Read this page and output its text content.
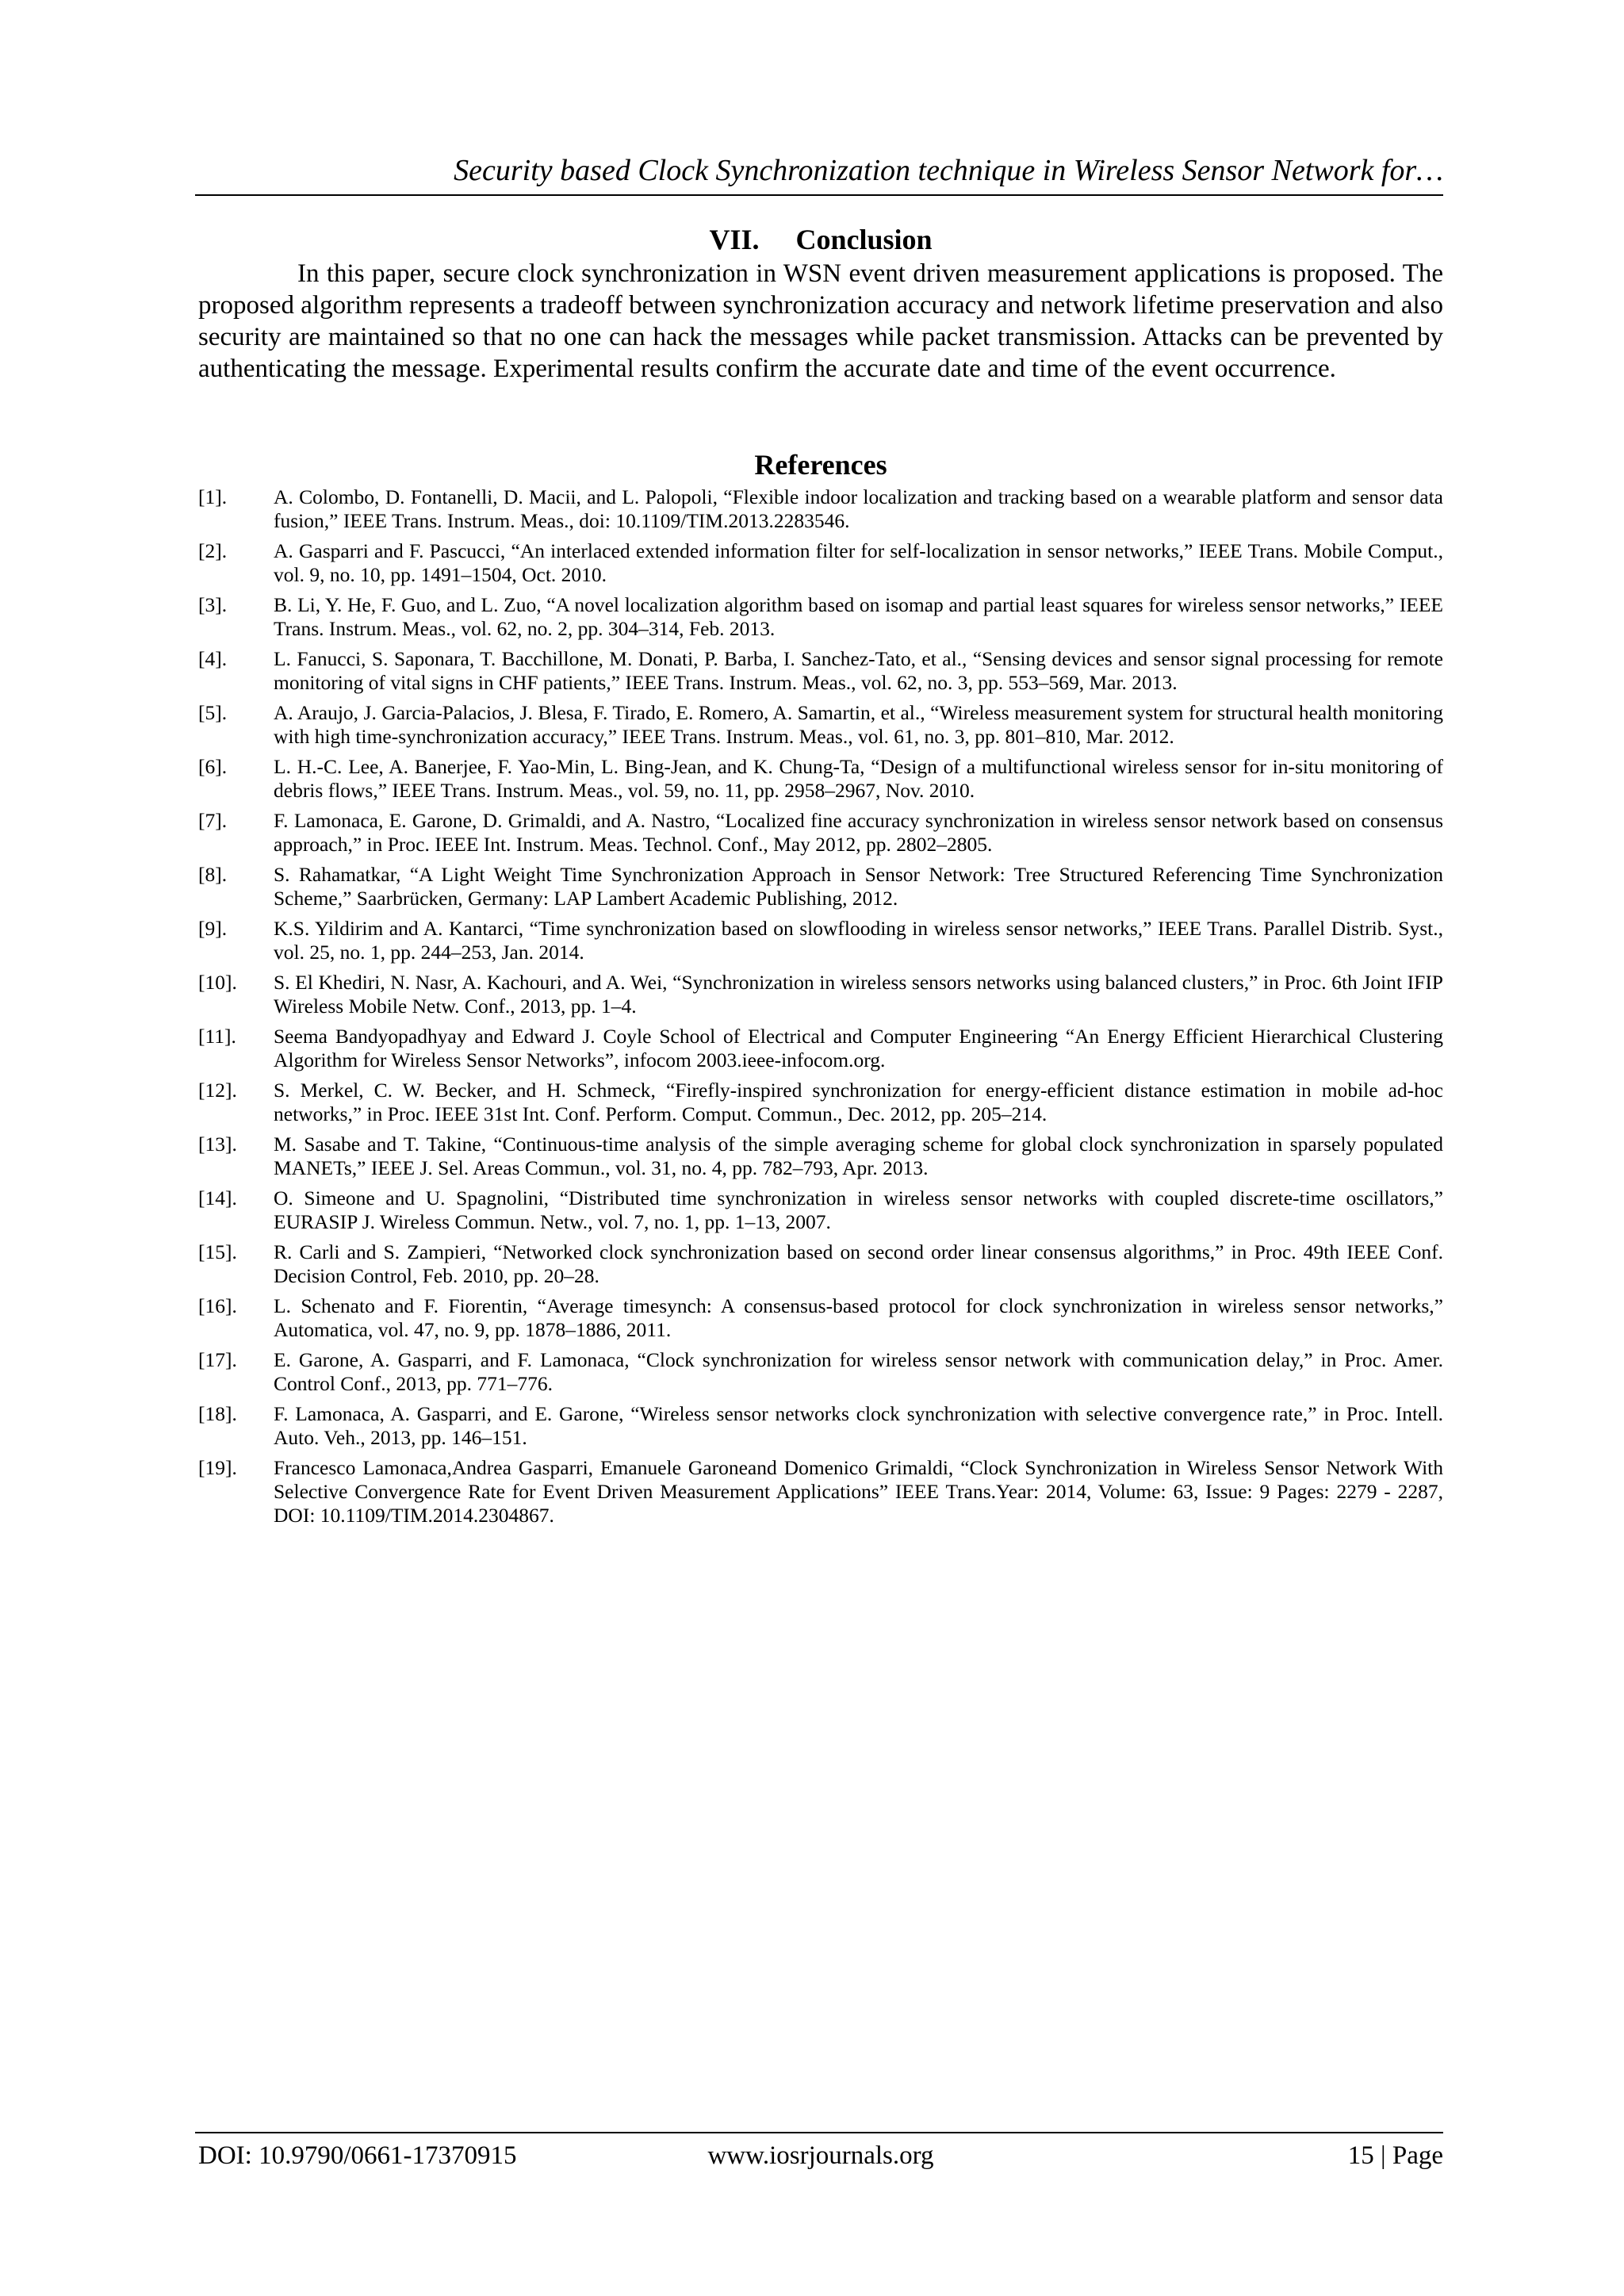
Security based Clock Synchronization technique in Wireless Sensor Network for…
VII. Conclusion

In this paper, secure clock synchronization in WSN event driven measurement applications is proposed. The proposed algorithm represents a tradeoff between synchronization accuracy and network lifetime preservation and also security are maintained so that no one can hack the messages while packet transmission. Attacks can be prevented by authenticating the message. Experimental results confirm the accurate date and time of the event occurrence.

References
[1].	A. Colombo, D. Fontanelli, D. Macii, and L. Palopoli, “Flexible indoor localization and tracking based on a wearable platform and sensor data fusion,” IEEE Trans. Instrum. Meas., doi: 10.1109/TIM.2013.2283546.
[2].	A. Gasparri and F. Pascucci, “An interlaced extended information filter for self-localization in sensor networks,” IEEE Trans. Mobile Comput., vol. 9, no. 10, pp. 1491–1504, Oct. 2010.
[3].	B. Li, Y. He, F. Guo, and L. Zuo, “A novel localization algorithm based on isomap and partial least squares for wireless sensor networks,” IEEE Trans. Instrum. Meas., vol. 62, no. 2, pp. 304–314, Feb. 2013.
[4].	L. Fanucci, S. Saponara, T. Bacchillone, M. Donati, P. Barba, I. Sanchez-Tato, et al., “Sensing devices and sensor signal processing for remote monitoring of vital signs in CHF patients,” IEEE Trans. Instrum. Meas., vol. 62, no. 3, pp. 553–569, Mar. 2013.
[5].	A. Araujo, J. Garcia-Palacios, J. Blesa, F. Tirado, E. Romero, A. Samartin, et al., “Wireless measurement system for structural health monitoring with high time-synchronization accuracy,” IEEE Trans. Instrum. Meas., vol. 61, no. 3, pp. 801–810, Mar. 2012.
[6].	L. H.-C. Lee, A. Banerjee, F. Yao-Min, L. Bing-Jean, and K. Chung-Ta, “Design of a multifunctional wireless sensor for in-situ monitoring of debris flows,” IEEE Trans. Instrum. Meas., vol. 59, no. 11, pp. 2958–2967, Nov. 2010.
[7].	F. Lamonaca, E. Garone, D. Grimaldi, and A. Nastro, “Localized fine accuracy synchronization in wireless sensor network based on consensus approach,” in Proc. IEEE Int. Instrum. Meas. Technol. Conf., May 2012, pp. 2802–2805.
[8].	S. Rahamatkar, “A Light Weight Time Synchronization Approach in Sensor Network: Tree Structured Referencing Time Synchronization Scheme,” Saarbrücken, Germany: LAP Lambert Academic Publishing, 2012.
[9].	K.S. Yildirim and A. Kantarci, “Time synchronization based on slowflooding in wireless sensor networks,” IEEE Trans. Parallel Distrib. Syst., vol. 25, no. 1, pp. 244–253, Jan. 2014.
[10].	S. El Khediri, N. Nasr, A. Kachouri, and A. Wei, “Synchronization in wireless sensors networks using balanced clusters,” in Proc. 6th Joint IFIP Wireless Mobile Netw. Conf., 2013, pp. 1–4.
[11].	Seema Bandyopadhyay and Edward J. Coyle School of Electrical and Computer Engineering “An Energy Efficient Hierarchical Clustering Algorithm for Wireless Sensor Networks”, infocom 2003.ieee-infocom.org.
[12].	S. Merkel, C. W. Becker, and H. Schmeck, “Firefly-inspired synchronization for energy-efficient distance estimation in mobile ad-hoc networks,” in Proc. IEEE 31st Int. Conf. Perform. Comput. Commun., Dec. 2012, pp. 205–214.
[13].	M. Sasabe and T. Takine, “Continuous-time analysis of the simple averaging scheme for global clock synchronization in sparsely populated MANETs,” IEEE J. Sel. Areas Commun., vol. 31, no. 4, pp. 782–793, Apr. 2013.
[14].	O. Simeone and U. Spagnolini, “Distributed time synchronization in wireless sensor networks with coupled discrete-time oscillators,” EURASIP J. Wireless Commun. Netw., vol. 7, no. 1, pp. 1–13, 2007.
[15].	R. Carli and S. Zampieri, “Networked clock synchronization based on second order linear consensus algorithms,” in Proc. 49th IEEE Conf. Decision Control, Feb. 2010, pp. 20–28.
[16].	L. Schenato and F. Fiorentin, “Average timesynch: A consensus-based protocol for clock synchronization in wireless sensor networks,” Automatica, vol. 47, no. 9, pp. 1878–1886, 2011.
[17].	E. Garone, A. Gasparri, and F. Lamonaca, “Clock synchronization for wireless sensor network with communication delay,” in Proc. Amer. Control Conf., 2013, pp. 771–776.
[18].	F. Lamonaca, A. Gasparri, and E. Garone, “Wireless sensor networks clock synchronization with selective convergence rate,” in Proc. Intell. Auto. Veh., 2013, pp. 146–151.
[19].	Francesco Lamonaca,Andrea Gasparri, Emanuele Garoneand Domenico Grimaldi, “Clock Synchronization in Wireless Sensor Network With Selective Convergence Rate for Event Driven Measurement Applications” IEEE Trans.Year: 2014, Volume: 63, Issue: 9 Pages: 2279 - 2287, DOI: 10.1109/TIM.2014.2304867.
DOI: 10.9790/0661-17370915	www.iosrjournals.org	15 | Page
